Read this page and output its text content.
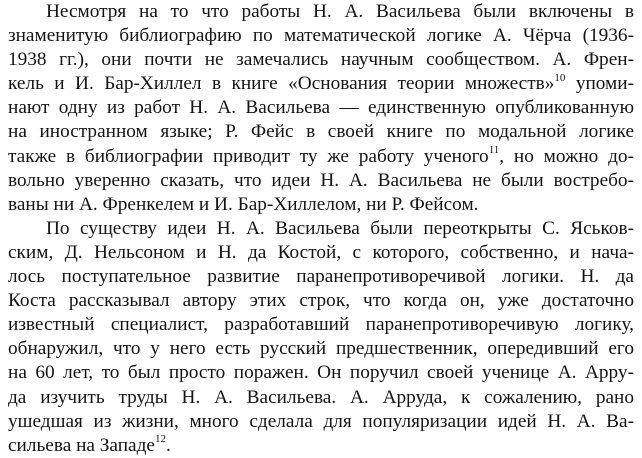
Несмотря на то что работы Н. А. Васильева были включены в
знаменитую библиографию по математической логике А. Чёрча (1936-
1938 гг.), они почти не замечались научным сообществом. А. Френ-
кель и И. Бар-Хиллел в книге «Основания теории множеств»$^{10}$ упоми-
нают одну из работ Н. А. Васильева — единственную опубликованную
на иностранном языке; Р. Фейс в своей книге по модальной логике
также в библиографии приводит ту же работу ученого$^{11}$, но можно до-
вольно уверенно сказать, что идеи Н. А. Васильева не были востребо-
ваны ни А. Френкелем и И. Бар-Хиллелом, ни Р. Фейсом.

По существу идеи Н. А. Васильева были переоткрыты С. Яськов-
ским, Д. Нельсоном и Н. да Костой, с которого, собственно, и нача-
лось поступательное развитие паранепротиворечивой логики. Н. да
Коста рассказывал автору этих строк, что когда он, уже достаточно
известный специалист, разработавший паранепротиворечивую логику,
обнаружил, что у него есть русский предшественник, опередивший его
на 60 лет, то был просто поражен. Он поручил своей ученице А. Арру-
да изучить труды Н. А. Васильева. А. Арруда, к сожалению, рано
ушедшая из жизни, много сделала для популяризации идей Н. А. Ва-
сильева на Западе$^{12}$.
